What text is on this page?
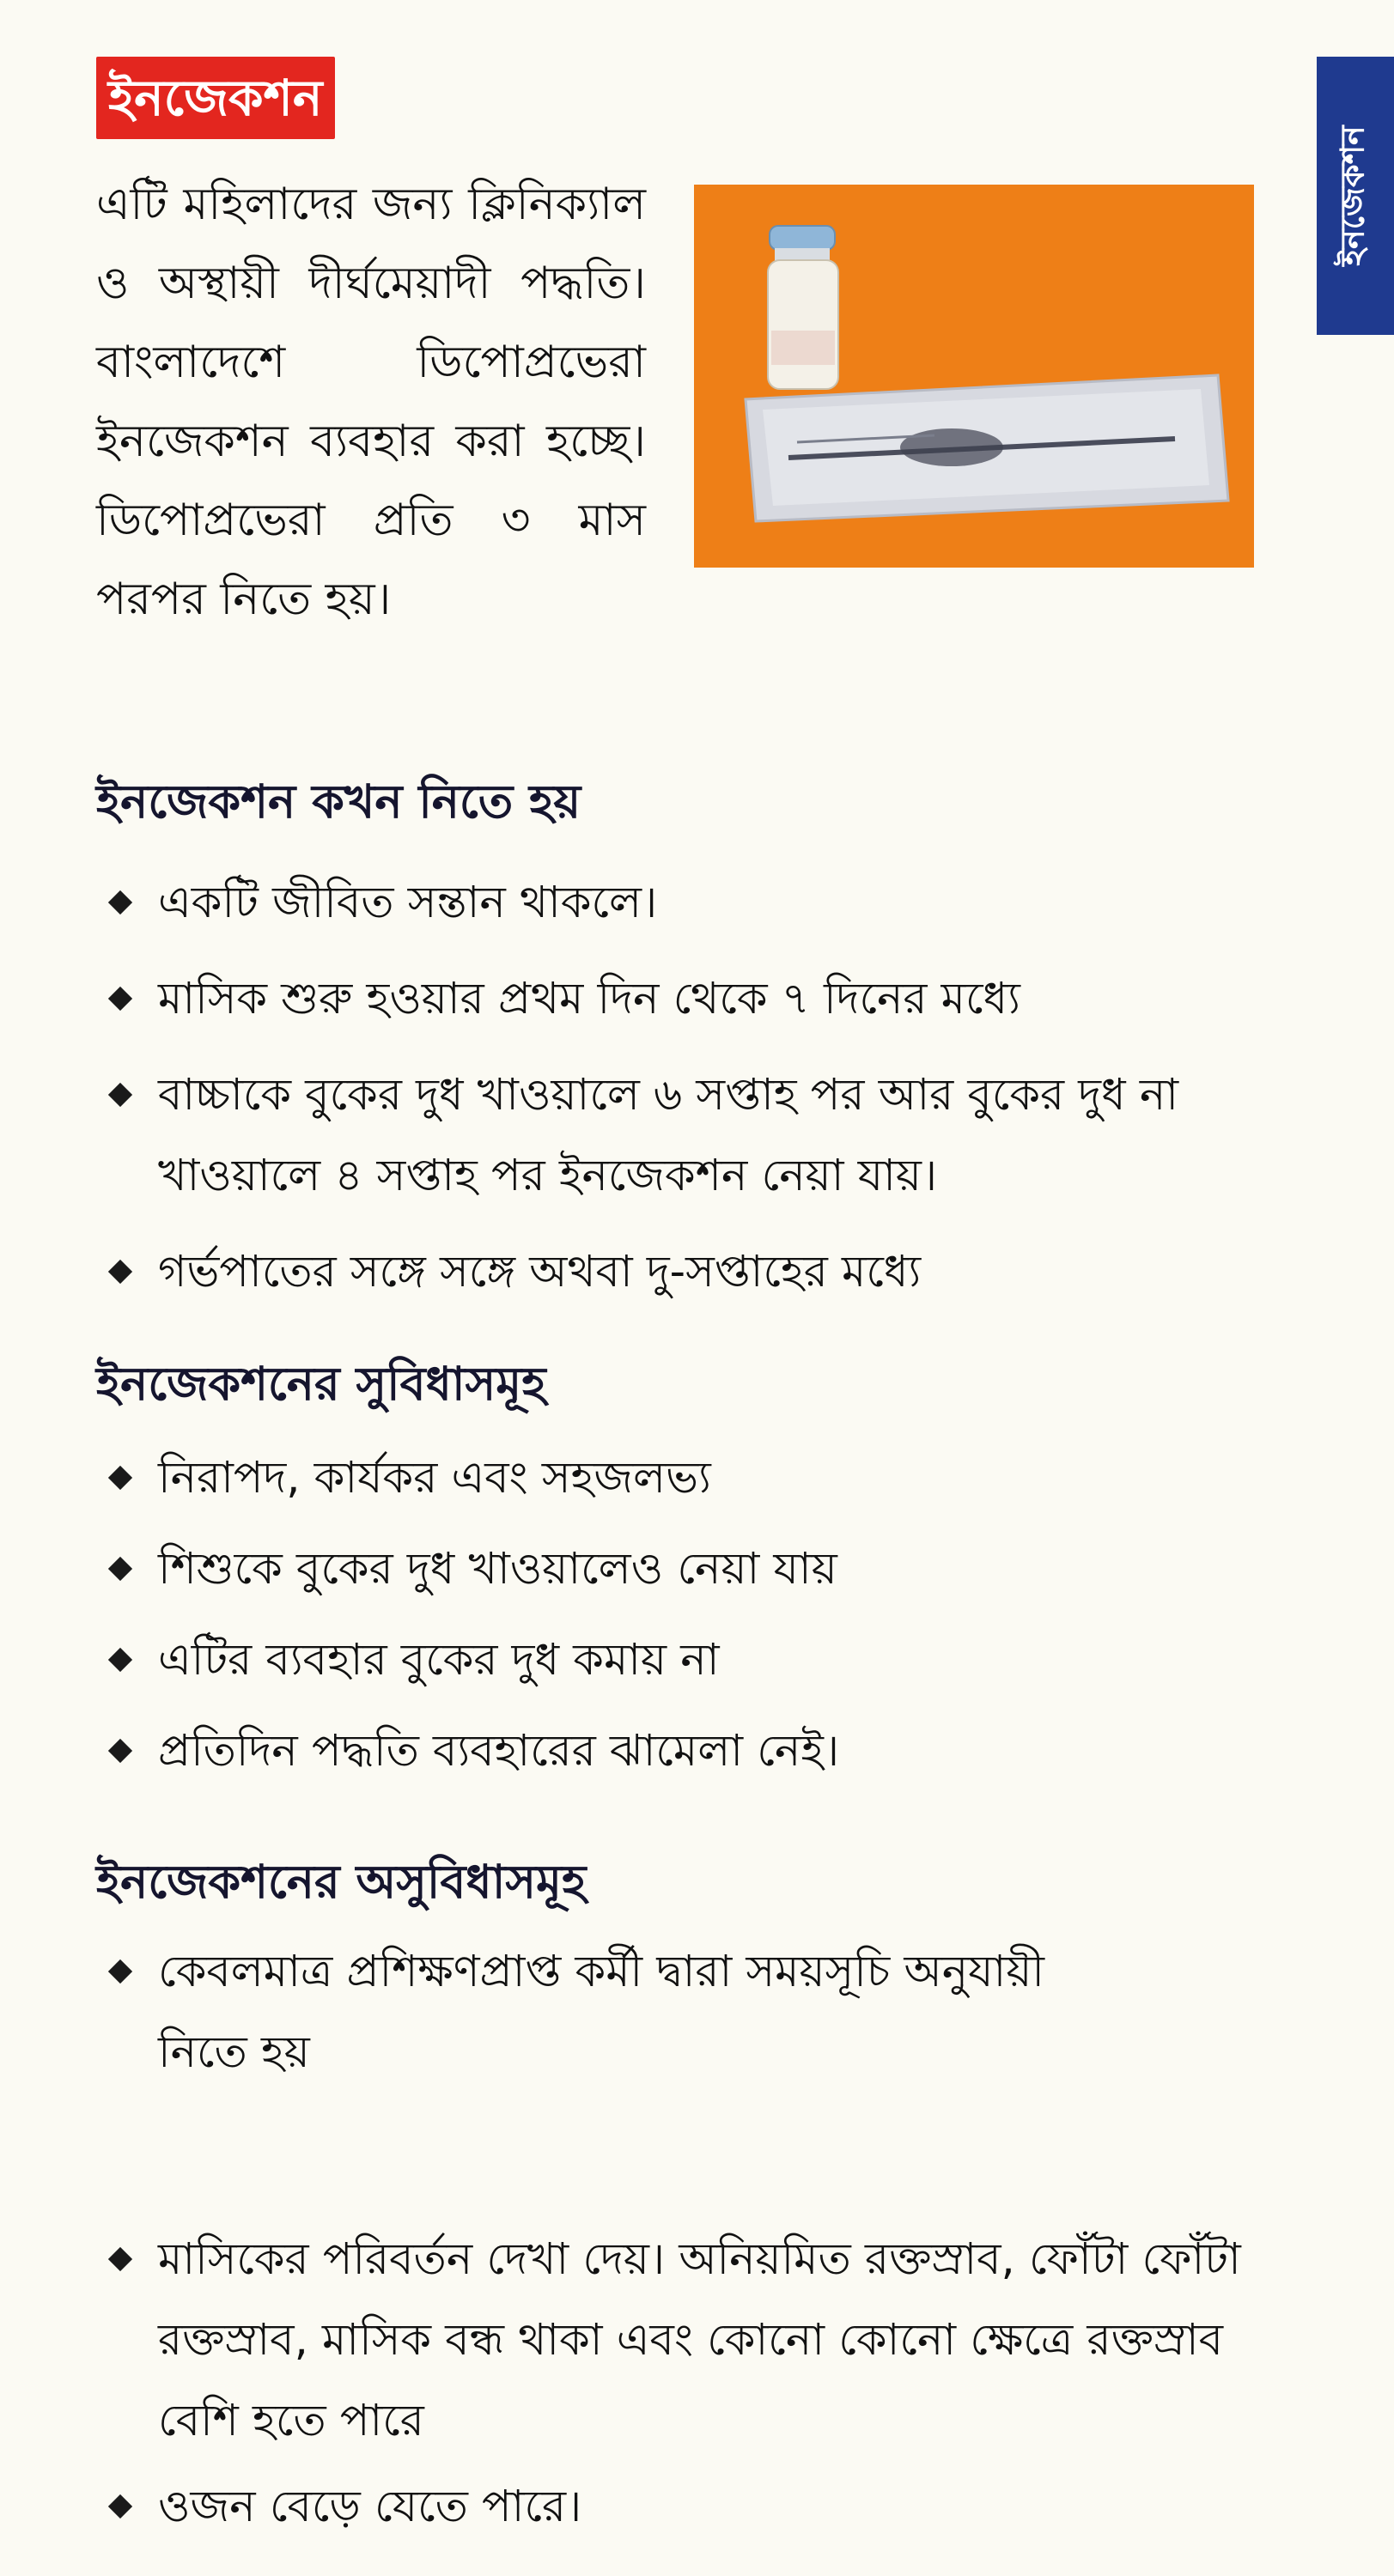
ইনজেকশন
ইনজেকশন
এটি মহিলাদের জন্য ক্লিনিক্যাল ও অস্থায়ী দীর্ঘমেয়াদী পদ্ধতি। বাংলাদেশে ডিপোপ্রভেরা ইনজেকশন ব্যবহার করা হচ্ছে। ডিপোপ্রভেরা প্রতি ৩ মাস পরপর নিতে হয়।
ইনজেকশন কখন নিতে হয়
একটি জীবিত সন্তান থাকলে।
মাসিক শুরু হওয়ার প্রথম দিন থেকে ৭ দিনের মধ্যে
বাচ্চাকে বুকের দুধ খাওয়ালে ৬ সপ্তাহ পর আর বুকের দুধ না খাওয়ালে ৪ সপ্তাহ পর ইনজেকশন নেয়া যায়।
গর্ভপাতের সঙ্গে সঙ্গে অথবা দু-সপ্তাহের মধ্যে
ইনজেকশনের সুবিধাসমূহ
নিরাপদ, কার্যকর এবং সহজলভ্য
শিশুকে বুকের দুধ খাওয়ালেও নেয়া যায়
এটির ব্যবহার বুকের দুধ কমায় না
প্রতিদিন পদ্ধতি ব্যবহারের ঝামেলা নেই।
ইনজেকশনের অসুবিধাসমূহ
কেবলমাত্র প্রশিক্ষণপ্রাপ্ত কর্মী দ্বারা সময়সূচি অনুযায়ী নিতে হয়
মাসিকের পরিবর্তন দেখা দেয়। অনিয়মিত রক্তস্রাব, ফোঁটা ফোঁটা রক্তস্রাব, মাসিক বন্ধ থাকা এবং কোনো কোনো ক্ষেত্রে রক্তস্রাব বেশি হতে পারে
ওজন বেড়ে যেতে পারে।
